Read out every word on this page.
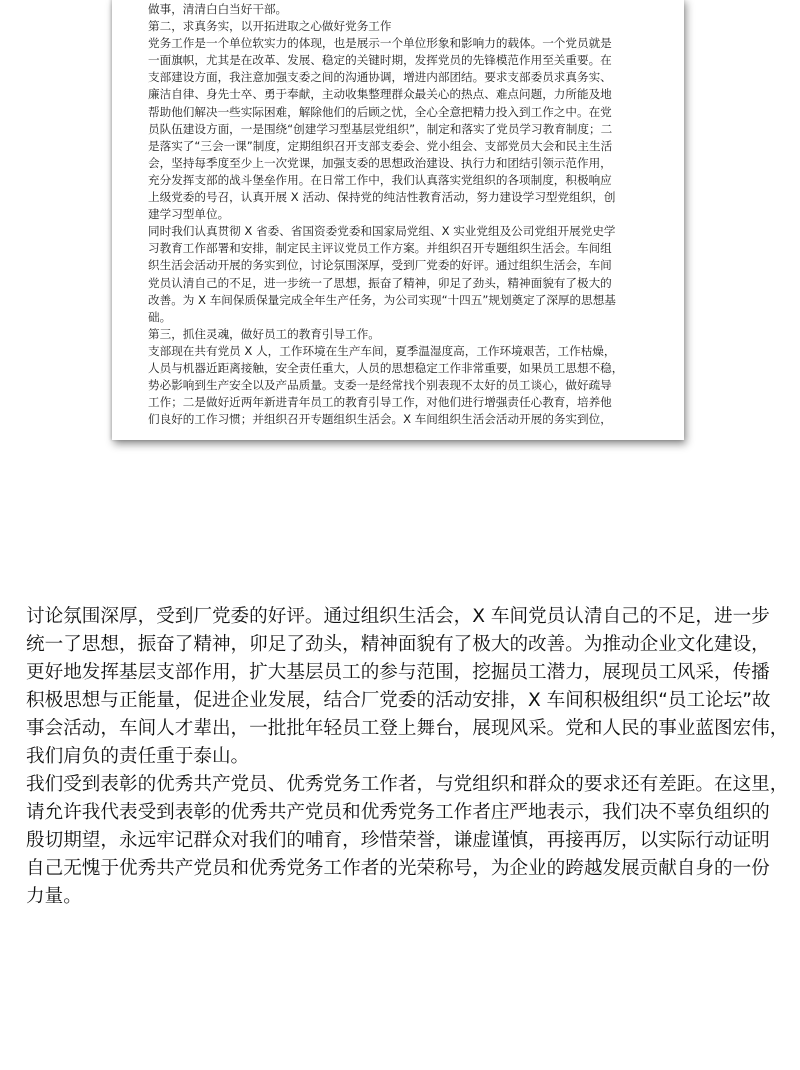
做事，清清白白当好干部。
第二，求真务实，以开拓进取之心做好党务工作
党务工作是一个单位软实力的体现，也是展示一个单位形象和影响力的载体。一个党员就是
一面旗帜，尤其是在改革、发展、稳定的关键时期，发挥党员的先锋模范作用至关重要。在
支部建设方面，我注意加强支委之间的沟通协调，增进内部团结。要求支部委员求真务实、
廉洁自律、身先士卒、勇于奉献，主动收集整理群众最关心的热点、难点问题，力所能及地
帮助他们解决一些实际困难，解除他们的后顾之忧，全心全意把精力投入到工作之中。在党
员队伍建设方面，一是围绕“创建学习型基层党组织”，制定和落实了党员学习教育制度；二
是落实了“三会一课”制度，定期组织召开支部支委会、党小组会、支部党员大会和民主生活
会，坚持每季度至少上一次党课，加强支委的思想政治建设、执行力和团结引领示范作用，
充分发挥支部的战斗堡垒作用。在日常工作中，我们认真落实党组织的各项制度，积极响应
上级党委的号召，认真开展 X 活动、保持党的纯洁性教育活动，努力建设学习型党组织，创
建学习型单位。
同时我们认真贯彻 X 省委、省国资委党委和国家局党组、X 实业党组及公司党组开展党史学
习教育工作部署和安排，制定民主评议党员工作方案。并组织召开专题组织生活会。车间组
织生活会活动开展的务实到位，讨论氛围深厚，受到厂党委的好评。通过组织生活会，车间
党员认清自己的不足，进一步统一了思想，振奋了精神，卯足了劲头，精神面貌有了极大的
改善。为 X 车间保质保量完成全年生产任务，为公司实现“十四五”规划奠定了深厚的思想基
础。
第三，抓住灵魂，做好员工的教育引导工作。
支部现在共有党员 X 人，工作环境在生产车间，夏季温湿度高，工作环境艰苦，工作枯燥，
人员与机器近距离接触，安全责任重大，人员的思想稳定工作非常重要，如果员工思想不稳，
势必影响到生产安全以及产品质量。支委一是经常找个别表现不太好的员工谈心，做好疏导
工作；二是做好近两年新进青年员工的教育引导工作，对他们进行增强责任心教育，培养他
们良好的工作习惯；并组织召开专题组织生活会。X 车间组织生活会活动开展的务实到位，
讨论氛围深厚，受到厂党委的好评。通过组织生活会，X 车间党员认清自己的不足，进一步
统一了思想，振奋了精神，卯足了劲头，精神面貌有了极大的改善。为推动企业文化建设，
更好地发挥基层支部作用，扩大基层员工的参与范围，挖掘员工潜力，展现员工风采，传播
积极思想与正能量，促进企业发展，结合厂党委的活动安排，X 车间积极组织“员工论坛”故
事会活动，车间人才辈出，一批批年轻员工登上舞台，展现风采。党和人民的事业蓝图宏伟，
我们肩负的责任重于泰山。
我们受到表彰的优秀共产党员、优秀党务工作者，与党组织和群众的要求还有差距。在这里，
请允许我代表受到表彰的优秀共产党员和优秀党务工作者庄严地表示，我们决不辜负组织的
殷切期望，永远牢记群众对我们的哺育，珍惜荣誉，谦虚谨慎，再接再厉，以实际行动证明
自己无愧于优秀共产党员和优秀党务工作者的光荣称号，为企业的跨越发展贡献自身的一份
力量。
